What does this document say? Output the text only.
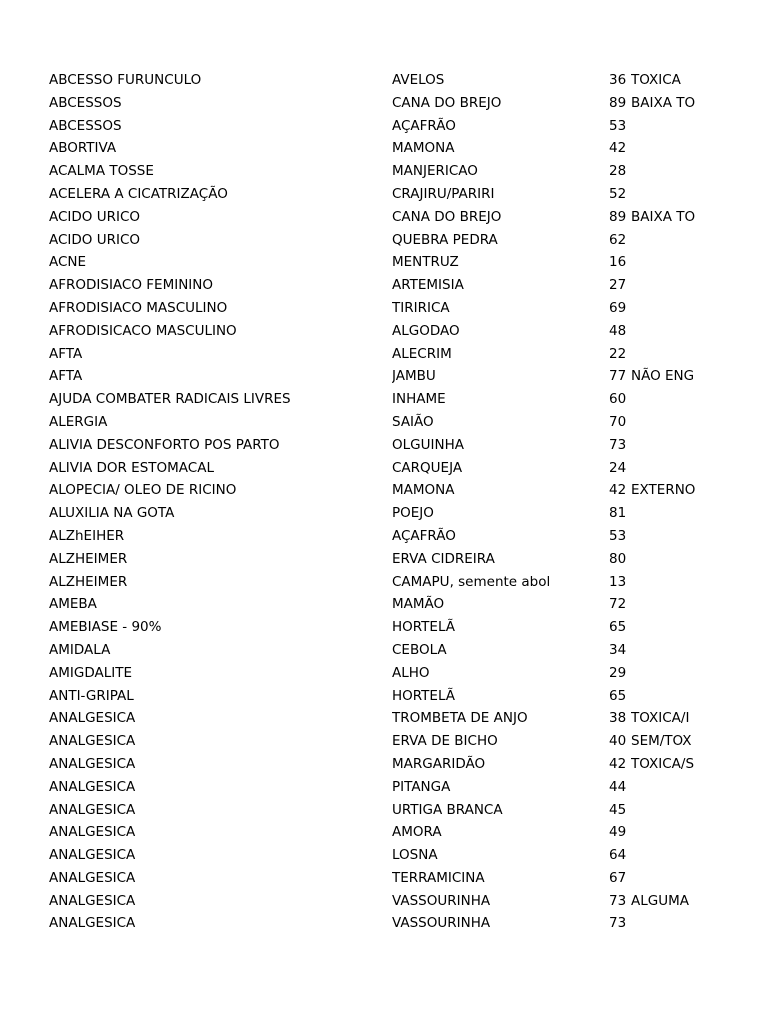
ABCESSO FURUNCULO	AVELOS	36 TOXICA
ABCESSOS	CANA DO BREJO	89 BAIXA TO
ABCESSOS	AÇAFRÃO	53
ABORTIVA	MAMONA	42
ACALMA TOSSE	MANJERICAO	28
ACELERA A CICATRIZAÇÃO	CRAJIRU/PARIRI	52
ACIDO URICO	CANA DO BREJO	89 BAIXA TO
ACIDO URICO	QUEBRA PEDRA	62
ACNE	MENTRUZ	16
AFRODISIACO FEMININO	ARTEMISIA	27
AFRODISIACO MASCULINO	TIRIRICA	69
AFRODISICACO MASCULINO	ALGODAO	48
AFTA	ALECRIM	22
AFTA	JAMBU	77 NÃO ENG
AJUDA COMBATER RADICAIS LIVRES	INHAME	60
ALERGIA	SAIÃO	70
ALIVIA DESCONFORTO POS PARTO	OLGUINHA	73
ALIVIA DOR ESTOMACAL	CARQUEJA	24
ALOPECIA/ OLEO DE RICINO	MAMONA	42 EXTERNO
ALUXILIA NA GOTA	POEJO	81
ALZhEIHER	AÇAFRÃO	53
ALZHEIMER	ERVA CIDREIRA	80
ALZHEIMER	CAMAPU, semente abol	13
AMEBA	MAMÃO	72
AMEBIASE - 90%	HORTELÃ	65
AMIDALA	CEBOLA	34
AMIGDALITE	ALHO	29
ANTI-GRIPAL	HORTELÃ	65
ANALGESICA	TROMBETA DE ANJO	38 TOXICA/I
ANALGESICA	ERVA DE BICHO	40 SEM/TOX
ANALGESICA	MARGARIDÃO	42 TOXICA/S
ANALGESICA	PITANGA	44
ANALGESICA	URTIGA BRANCA	45
ANALGESICA	AMORA	49
ANALGESICA	LOSNA	64
ANALGESICA	TERRAMICINA	67
ANALGESICA	VASSOURINHA	73 ALGUMA
ANALGESICA	VASSOURINHA	73
